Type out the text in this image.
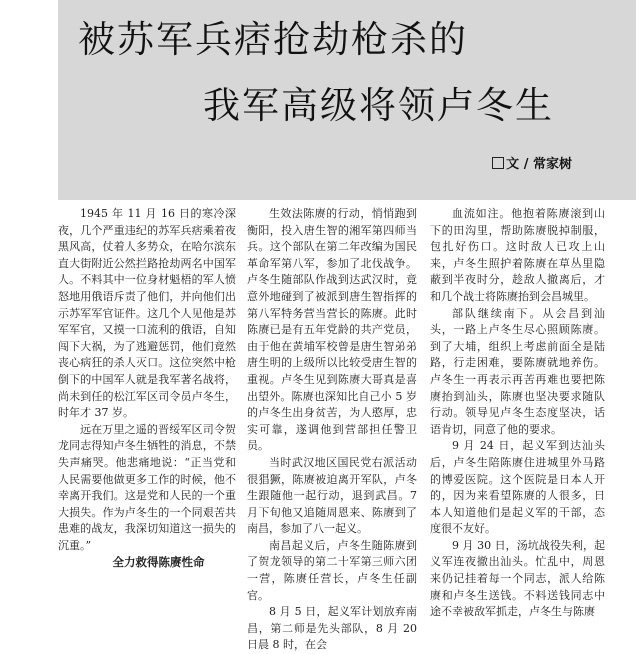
被苏军兵痞抢劫枪杀的
我军高级将领卢冬生
文 / 常家树

1945 年 11 月 16 日的寒冷深夜，几个严重违纪的苏军兵痞乘着夜黑风高，仗着人多势众，在哈尔滨东直大街附近公然拦路抢劫两名中国军人。不料其中一位身材魁梧的军人愤怒地用俄语斥责了他们，并向他们出示苏军军官证件。这几个人见他是苏军军官，又摸一口流利的俄语，自知闯下大祸，为了逃避惩罚，他们竟然丧心病狂的杀人灭口。这位突然中枪倒下的中国军人就是我军著名战将，尚未到任的松江军区司令员卢冬生，时年才 37 岁。

远在万里之遥的晋绥军区司令贺龙同志得知卢冬生牺牲的消息，不禁失声痛哭。他悲痛地说：“正当党和人民需要他做更多工作的时候，他不幸离开我们。这是党和人民的一个重大损失。作为卢冬生的一个同艰苦共患难的战友，我深切知道这一损失的沉重。”

全力救得陈赓性命

生效法陈赓的行动，悄悄跑到衡阳，投入唐生智的湘军第四师当兵。这个部队在第二年改编为国民革命军第八军，参加了北伐战争。卢冬生随部队作战到达武汉时，竟意外地碰到了被派到唐生智指挥的第八军特务营当营长的陈赓。此时陈赓已是有五年党龄的共产党员，由于他在黄埔军校曾是唐生智弟弟唐生明的上级所以比较受唐生智的重视。卢冬生见到陈赓大哥真是喜出望外。陈赓也深知比自己小 5 岁的卢冬生出身贫苦，为人憨厚，忠实可靠，遂调他到营部担任警卫员。

当时武汉地区国民党右派活动很猖獗，陈赓被迫离开军队，卢冬生跟随他一起行动，退到武昌。7 月下旬他又追随周恩来、陈赓到了南昌，参加了八一起义。

南昌起义后，卢冬生随陈赓到了贺龙领导的第二十军第三师六团一营，陈赓任营长，卢冬生任副官。

8 月 5 日，起义军计划放弃南昌，第二师是先头部队，8 月 20 日晨 8 时，在会

血流如注。他抱着陈赓滚到山下的田沟里，帮助陈赓脱掉制服，包扎好伤口。这时敌人已攻上山来，卢冬生照护着陈赓在草丛里隐蔽到半夜时分，趁敌人撤离后，才和几个战士将陈赓抬到会昌城里。

部队继续南下。从会昌到汕头，一路上卢冬生尽心照顾陈赓。到了大埔，组织上考虑前面全是陆路，行走困难，要陈赓就地养伤。卢冬生一再表示再苦再难也要把陈赓抬到汕头，陈赓也坚决要求随队行动。领导见卢冬生态度坚决，话语肯切，同意了他的要求。

9 月 24 日，起义军到达汕头后，卢冬生陪陈赓住进城里外马路的博爱医院。这个医院是日本人开的，因为来看望陈赓的人很多，日本人知道他们是起义军的干部，态度很不友好。

9 月 30 日，汤坑战役失利，起义军连夜撤出汕头。忙乱中，周恩来仍记挂着每一个同志，派人给陈赓和卢冬生送钱。不料送钱同志中途不幸被敌军抓走，卢冬生与陈赓
